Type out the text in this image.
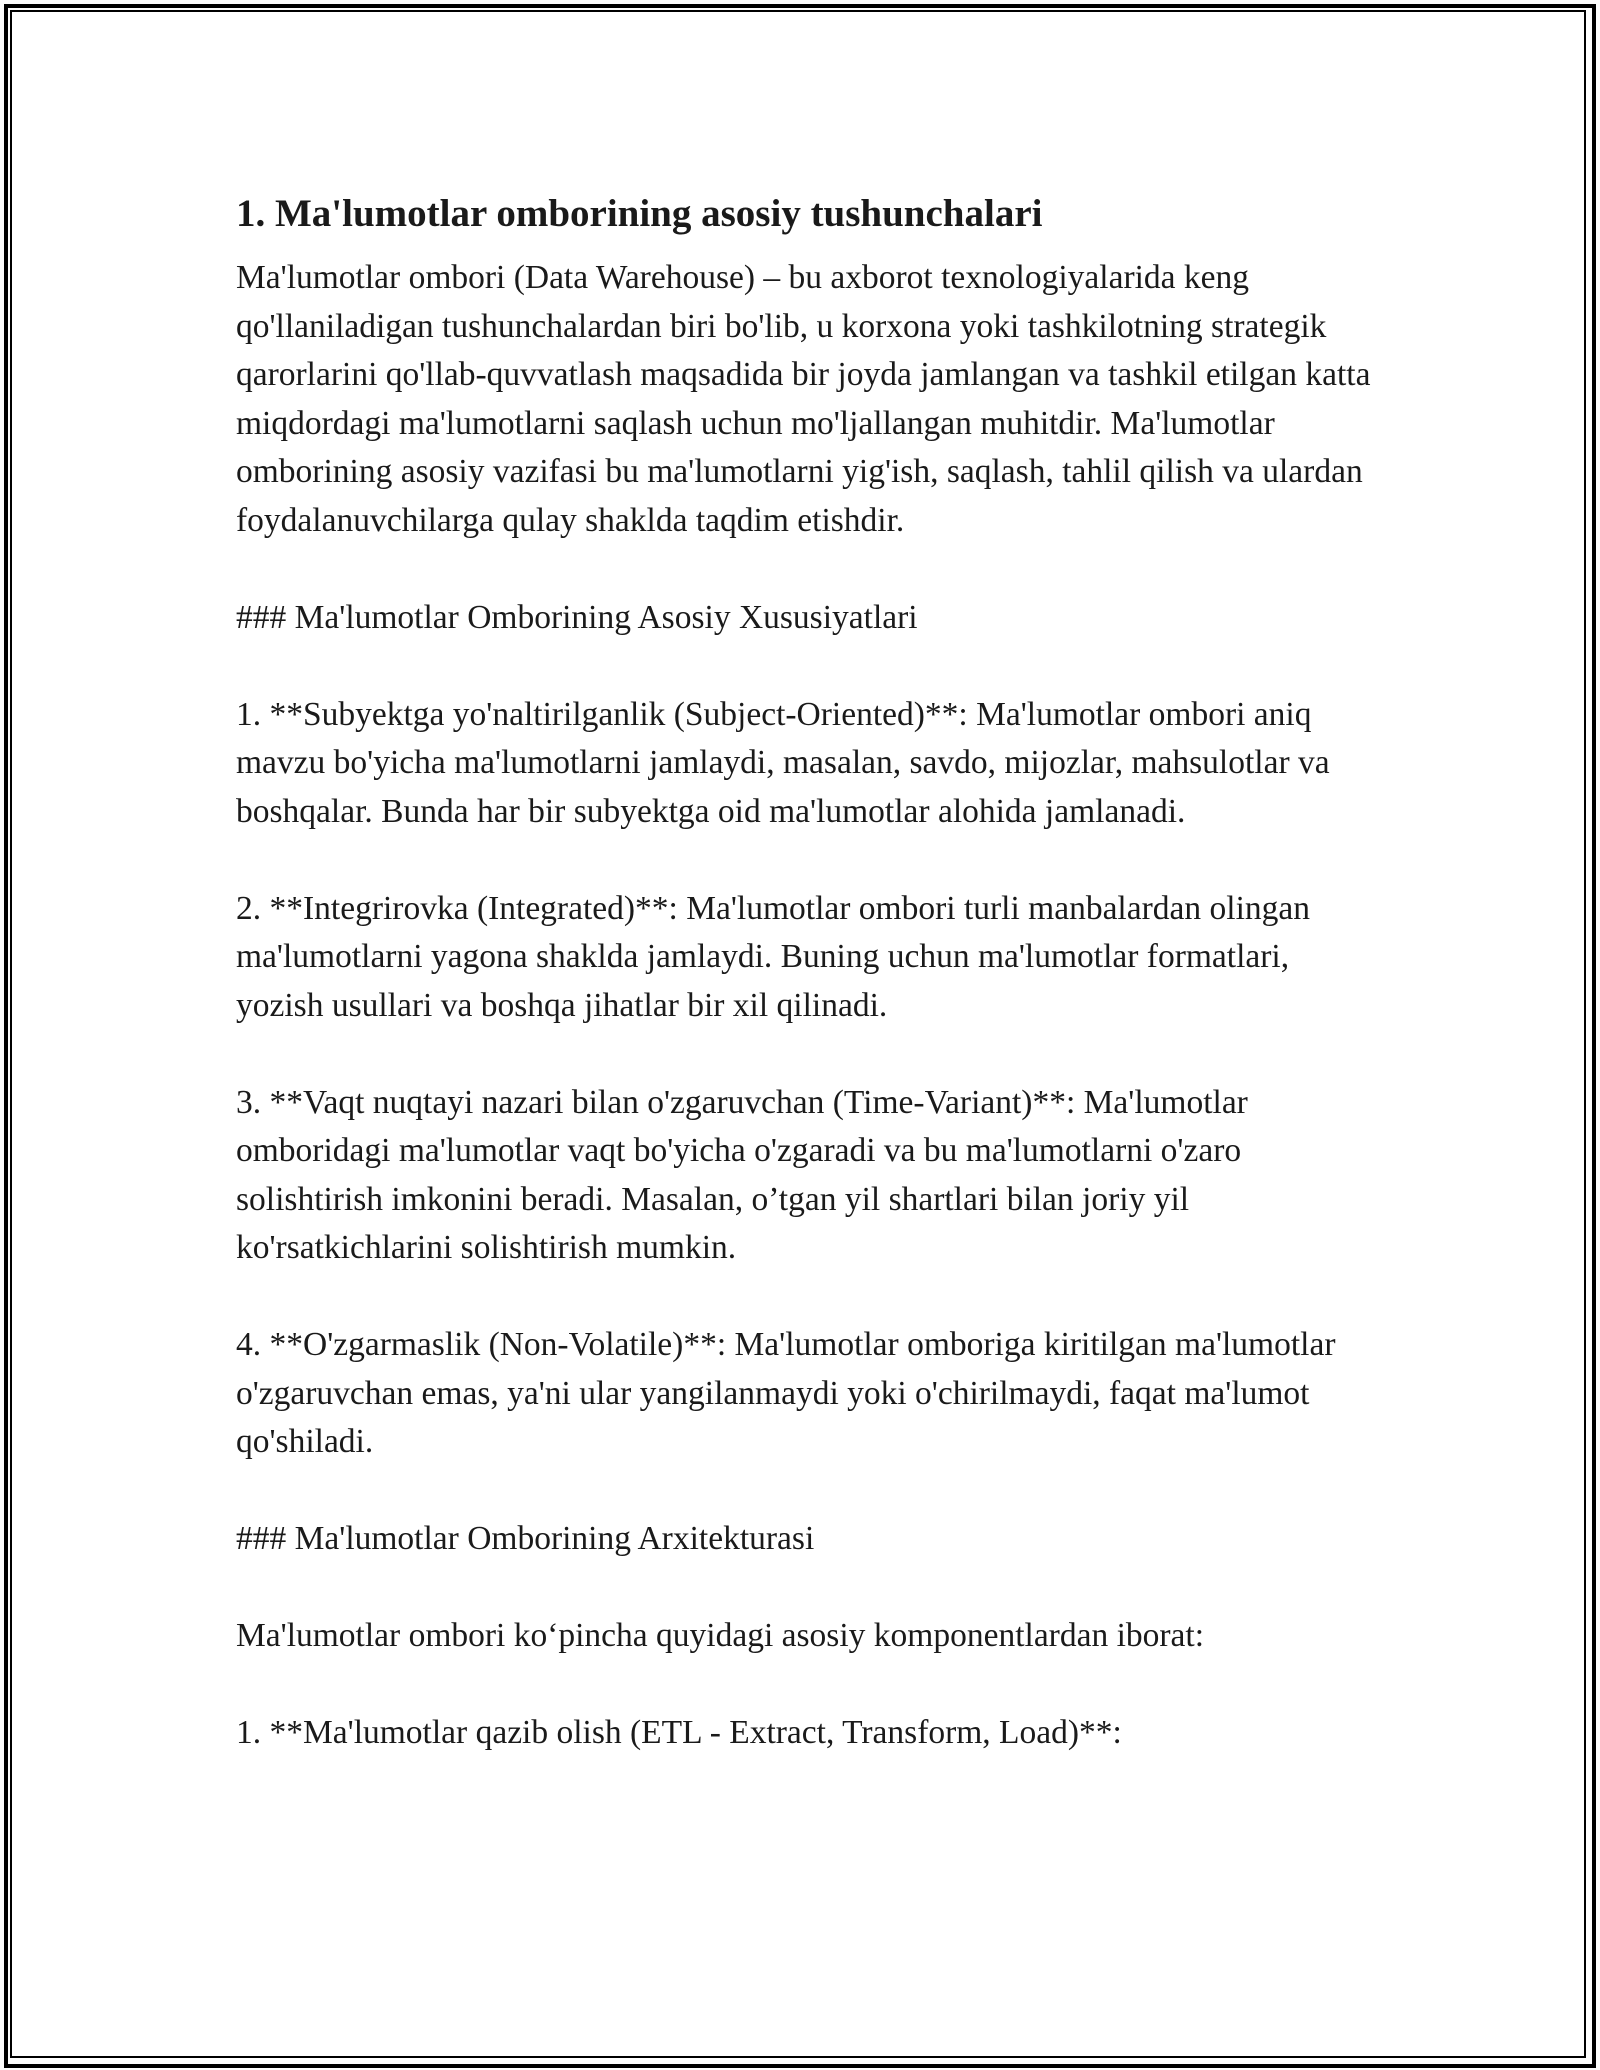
1. Ma'lumotlar omborining asosiy tushunchalari

Ma'lumotlar ombori (Data Warehouse) – bu axborot texnologiyalarida keng qo'llaniladigan tushunchalardan biri bo'lib, u korxona yoki tashkilotning strategik qarorlarini qo'llab-quvvatlash maqsadida bir joyda jamlangan va tashkil etilgan katta miqdordagi ma'lumotlarni saqlash uchun mo'ljallangan muhitdir. Ma'lumotlar omborining asosiy vazifasi bu ma'lumotlarni yig'ish, saqlash, tahlil qilish va ulardan foydalanuvchilarga qulay shaklda taqdim etishdir.

### Ma'lumotlar Omborining Asosiy Xususiyatlari

1. **Subyektga yo'naltirilganlik (Subject-Oriented)**: Ma'lumotlar ombori aniq mavzu bo'yicha ma'lumotlarni jamlaydi, masalan, savdo, mijozlar, mahsulotlar va boshqalar. Bunda har bir subyektga oid ma'lumotlar alohida jamlanadi.

2. **Integrirovka (Integrated)**: Ma'lumotlar ombori turli manbalardan olingan ma'lumotlarni yagona shaklda jamlaydi. Buning uchun ma'lumotlar formatlari, yozish usullari va boshqa jihatlar bir xil qilinadi.

3. **Vaqt nuqtayi nazari bilan o'zgaruvchan (Time-Variant)**: Ma'lumotlar omboridagi ma'lumotlar vaqt bo'yicha o'zgaradi va bu ma'lumotlarni o'zaro solishtirish imkonini beradi. Masalan, o’tgan yil shartlari bilan joriy yil ko'rsatkichlarini solishtirish mumkin.

4. **O'zgarmaslik (Non-Volatile)**: Ma'lumotlar omboriga kiritilgan ma'lumotlar o'zgaruvchan emas, ya'ni ular yangilanmaydi yoki o'chirilmaydi, faqat ma'lumot qo'shiladi.

### Ma'lumotlar Omborining Arxitekturasi

Ma'lumotlar ombori ko‘pincha quyidagi asosiy komponentlardan iborat:

1. **Ma'lumotlar qazib olish (ETL - Extract, Transform, Load)**:
